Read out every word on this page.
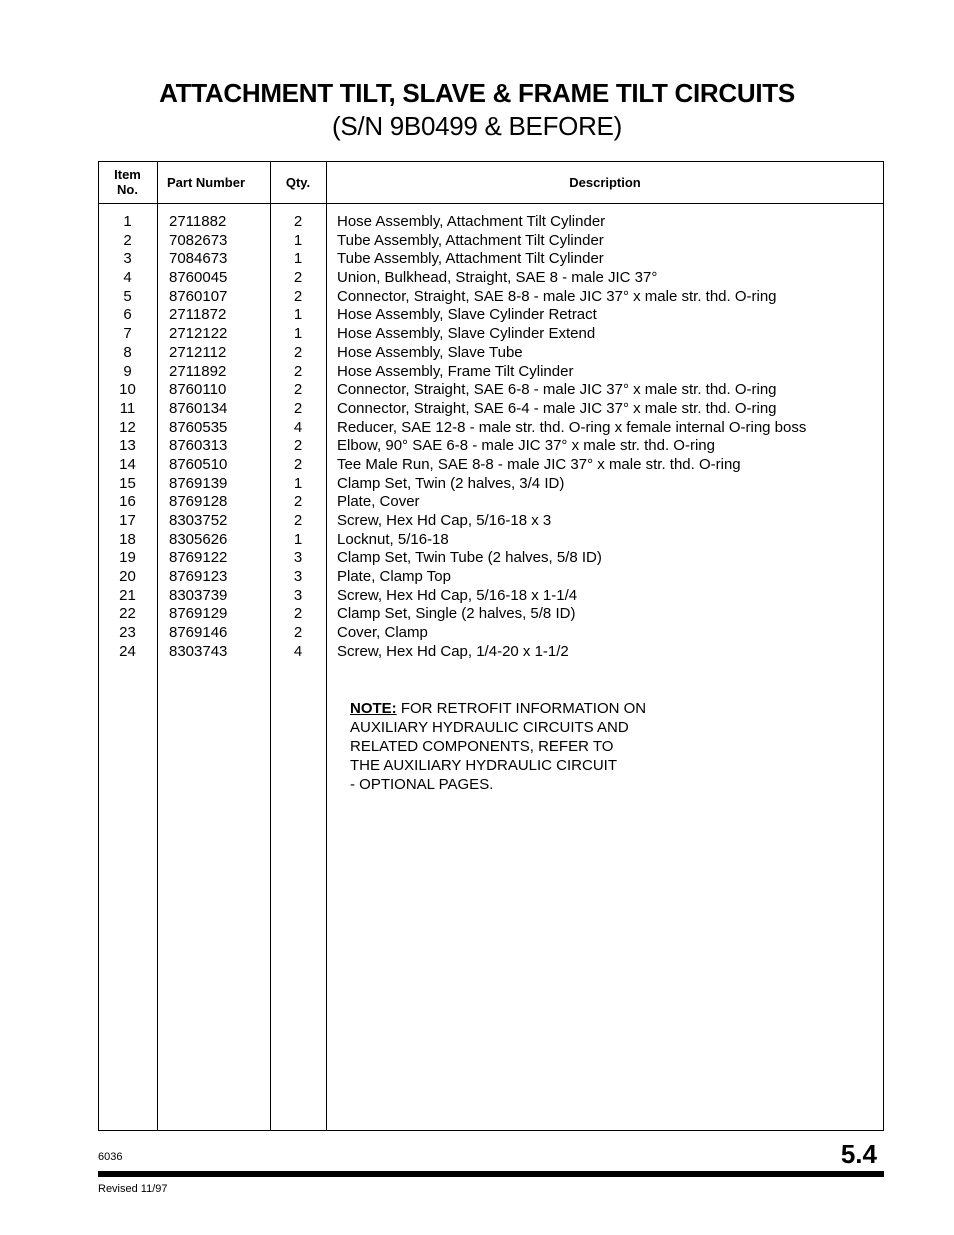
ATTACHMENT TILT, SLAVE & FRAME TILT CIRCUITS
(S/N 9B0499 & BEFORE)
Item
No.	Part Number	Qty.	Description
1	2711882	2	Hose Assembly, Attachment Tilt Cylinder
2	7082673	1	Tube Assembly, Attachment Tilt Cylinder
3	7084673	1	Tube Assembly, Attachment Tilt Cylinder
4	8760045	2	Union, Bulkhead, Straight, SAE 8 - male JIC 37°
5	8760107	2	Connector, Straight, SAE 8-8 - male JIC 37° x male str. thd. O-ring
6	2711872	1	Hose Assembly, Slave Cylinder Retract
7	2712122	1	Hose Assembly, Slave Cylinder Extend
8	2712112	2	Hose Assembly, Slave Tube
9	2711892	2	Hose Assembly, Frame Tilt Cylinder
10	8760110	2	Connector, Straight, SAE 6-8 - male JIC 37° x male str. thd. O-ring
11	8760134	2	Connector, Straight, SAE 6-4 - male JIC 37° x male str. thd. O-ring
12	8760535	4	Reducer, SAE 12-8 - male str. thd. O-ring x female internal O-ring boss
13	8760313	2	Elbow, 90° SAE 6-8 - male JIC 37° x male str. thd. O-ring
14	8760510	2	Tee Male Run, SAE 8-8 - male JIC 37° x male str. thd. O-ring
15	8769139	1	Clamp Set, Twin (2 halves, 3/4 ID)
16	8769128	2	Plate, Cover
17	8303752	2	Screw, Hex Hd Cap, 5/16-18 x 3
18	8305626	1	Locknut, 5/16-18
19	8769122	3	Clamp Set, Twin Tube (2 halves, 5/8 ID)
20	8769123	3	Plate, Clamp Top
21	8303739	3	Screw, Hex Hd Cap, 5/16-18 x 1-1/4
22	8769129	2	Clamp Set, Single (2 halves, 5/8 ID)
23	8769146	2	Cover, Clamp
24	8303743	4	Screw, Hex Hd Cap, 1/4-20 x 1-1/2
NOTE: FOR RETROFIT INFORMATION ON
AUXILIARY HYDRAULIC CIRCUITS AND
RELATED COMPONENTS, REFER TO
THE AUXILIARY HYDRAULIC CIRCUIT
- OPTIONAL PAGES.
6036	5.4
Revised 11/97
